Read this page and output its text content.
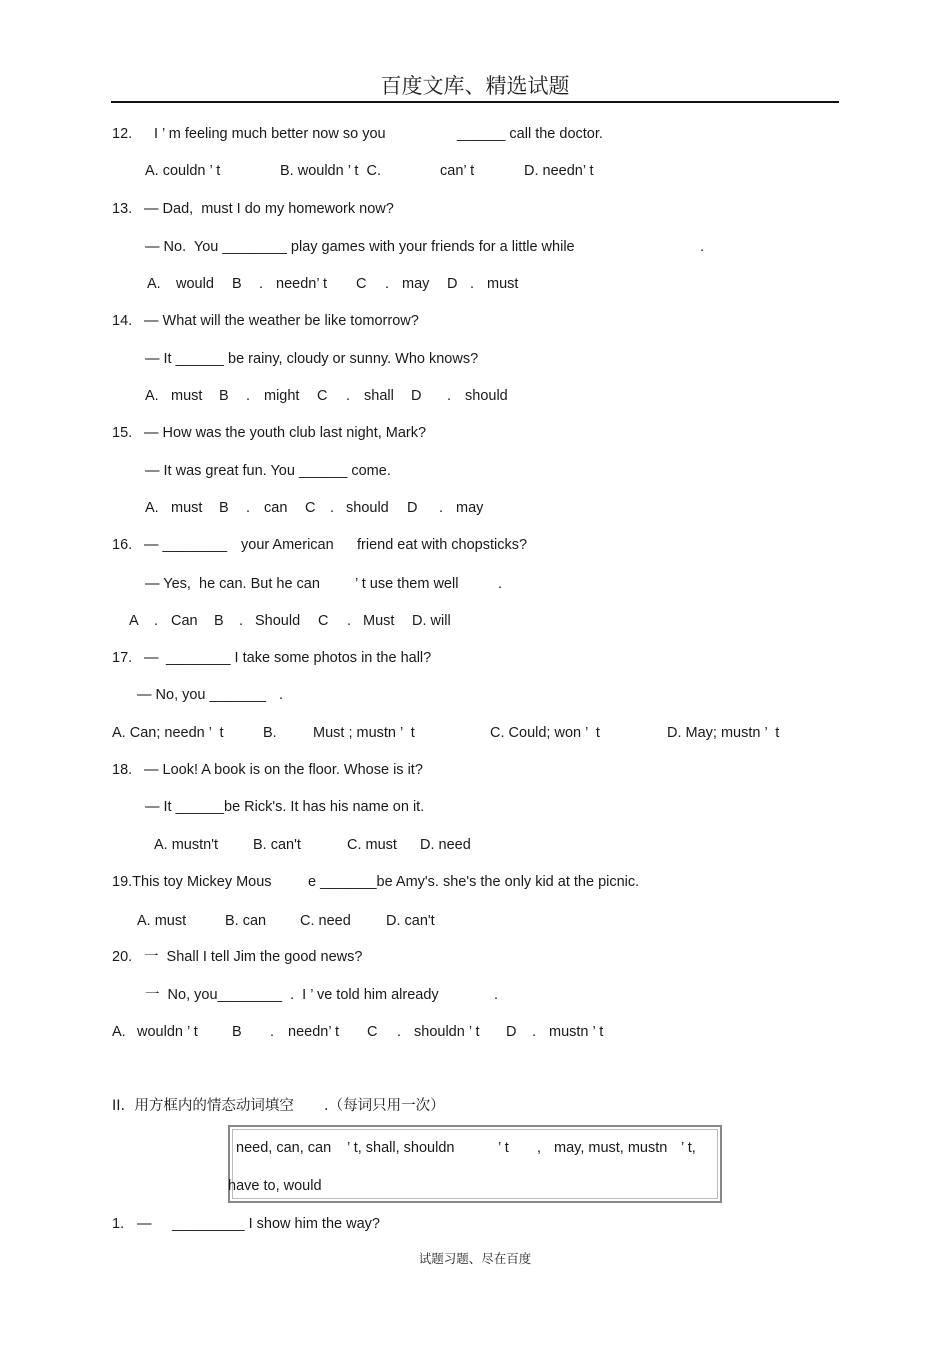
百度文库、精选试题

12.

I ’ m feeling much better now so you

	______ call the doctor.

A. couldn ’ t

	B. wouldn ’ t  C.

	can’ t

	D. needn’ t

13.

— Dad,  must I do my homework now?

— No.  You ________ play games with your friends for a little while

	.

A.

would

B

.

needn’ t

C

.

may

D

.

must

14.

— What will the weather be like tomorrow?

— It ______ be rainy, cloudy or sunny. Who knows?

A.

must

B

.

might

C

.

shall

D

.

should

15.

— How was the youth club last night, Mark?

— It was great fun. You ______ come.

A.

must

B

.

can

C

.

should

D

.

may

16.

— ________

your American

friend eat with chopsticks?

— Yes,  he can. But he can

’ t use them well

	.

A

.

Can

B

.

Should

C

.

Must

D. will

17.

—

________ I take some photos in the hall?

— No, you _______

.

A. Can; needn ’  t

	B.

	Must ; mustn ’  t

	C. Could; won ’  t

	D. May; mustn ’  t

18.

— Look! A book is on the floor. Whose is it?

— It ______be Rick's. It has his name on it.

A. mustn't

B. can't

	C. must

D. need

19.This toy Mickey Mous

	e _______be Amy's. she's the only kid at the picnic.

A. must

	B. can

C. need

D. can't

20.

一  Shall I tell Jim the good news?

一  No, you________  .  I ’ ve told him already

	.

A.

wouldn ’ t

B

.

needn’ t

C

.

shouldn ’ t

D

.

mustn ’ t

II.  用方框内的情态动词填空

.（每词只用一次）

need, can, can

’ t, shall, shouldn

	’ t

,

may, must, mustn

’ t,

have to, would

1.

—

_________ I show him the way?

试题习题、尽在百度
